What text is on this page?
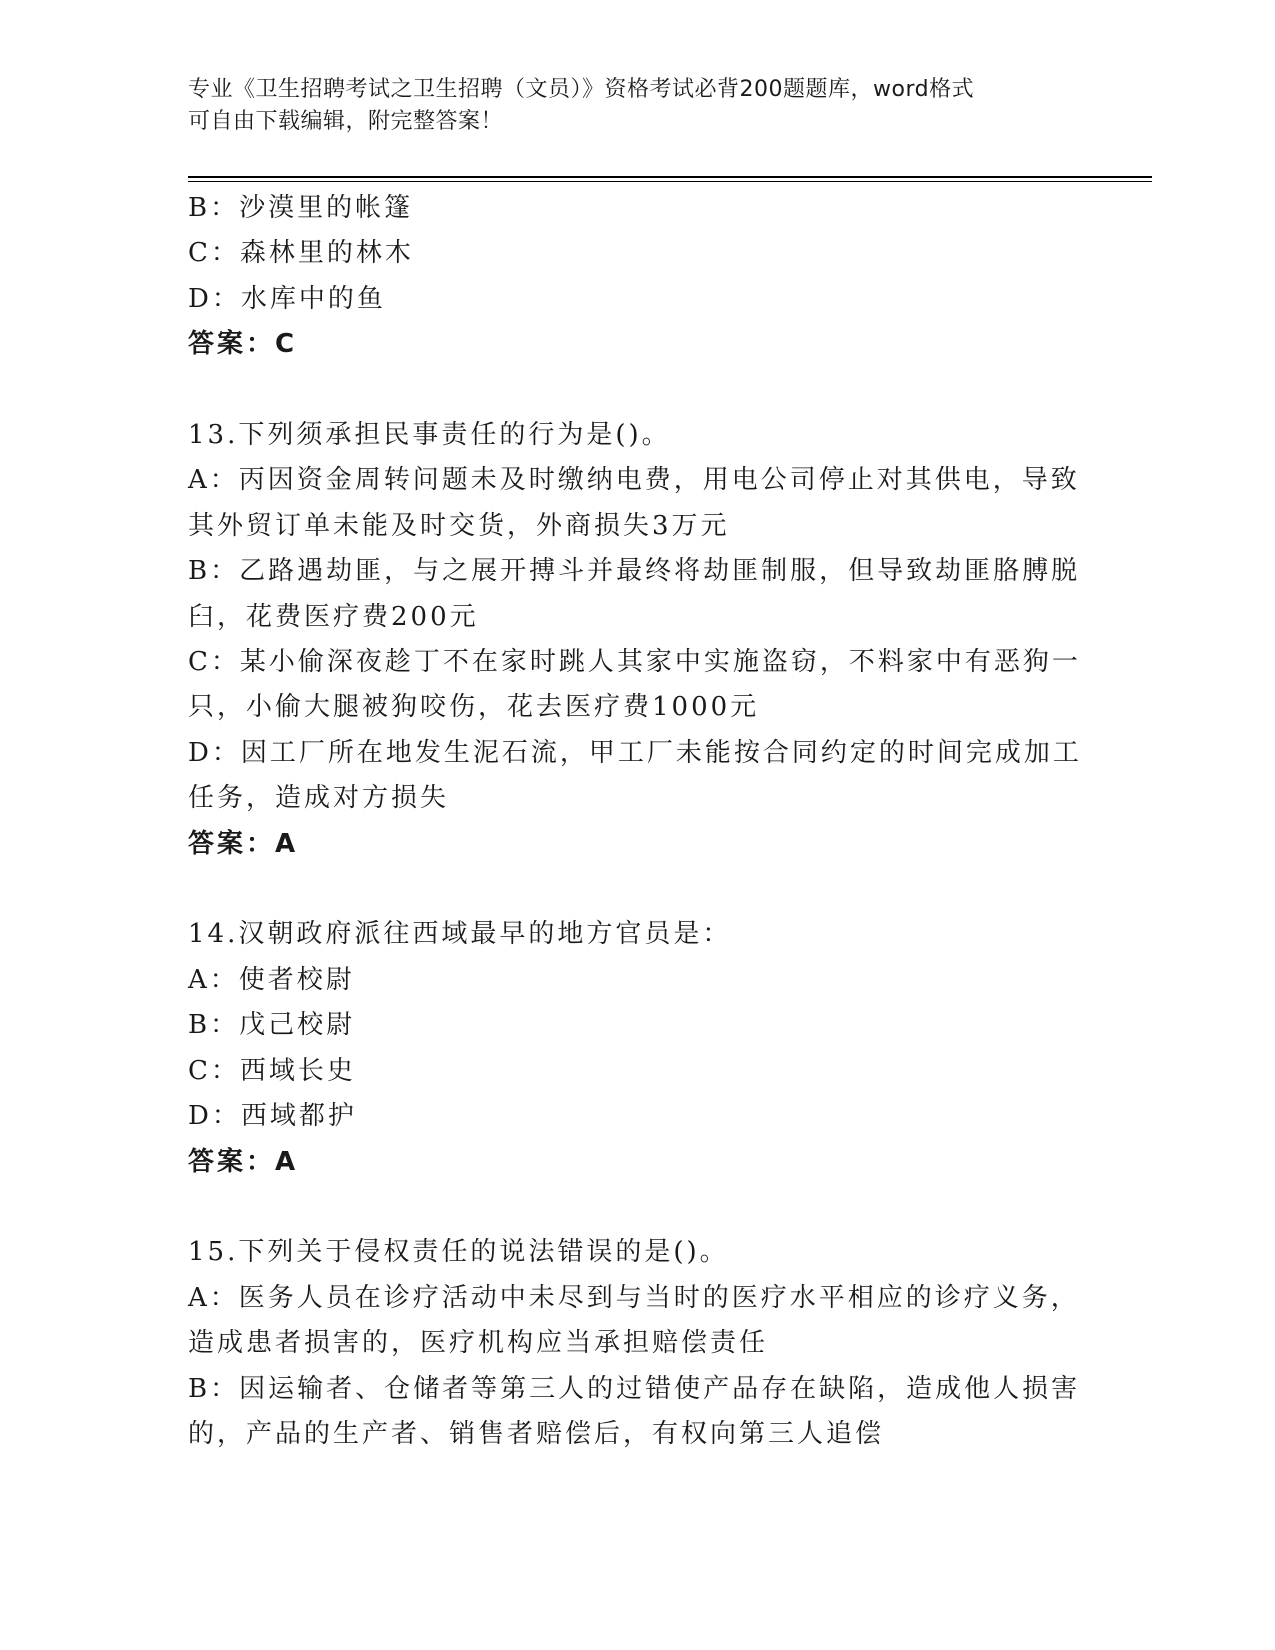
专业《卫生招聘考试之卫生招聘（文员）》资格考试必背200题题库，word格式

可自由下载编辑，附完整答案！

B：沙漠里的帐篷

C：森林里的林木

D：水库中的鱼

答案：C

13.下列须承担民事责任的行为是()。

A：丙因资金周转问题未及时缴纳电费，用电公司停止对其供电，导致

其外贸订单未能及时交货，外商损失3万元

B：乙路遇劫匪，与之展开搏斗并最终将劫匪制服，但导致劫匪胳膊脱

臼，花费医疗费200元

C：某小偷深夜趁丁不在家时跳人其家中实施盗窃，不料家中有恶狗一

只，小偷大腿被狗咬伤，花去医疗费1000元

D：因工厂所在地发生泥石流，甲工厂未能按合同约定的时间完成加工

任务，造成对方损失

答案：A

14.汉朝政府派往西域最早的地方官员是：

A：使者校尉

B：戊己校尉

C：西域长史

D：西域都护

答案：A

15.下列关于侵权责任的说法错误的是()。

A：医务人员在诊疗活动中未尽到与当时的医疗水平相应的诊疗义务，

造成患者损害的，医疗机构应当承担赔偿责任

B：因运输者、仓储者等第三人的过错使产品存在缺陷，造成他人损害

的，产品的生产者、销售者赔偿后，有权向第三人追偿
